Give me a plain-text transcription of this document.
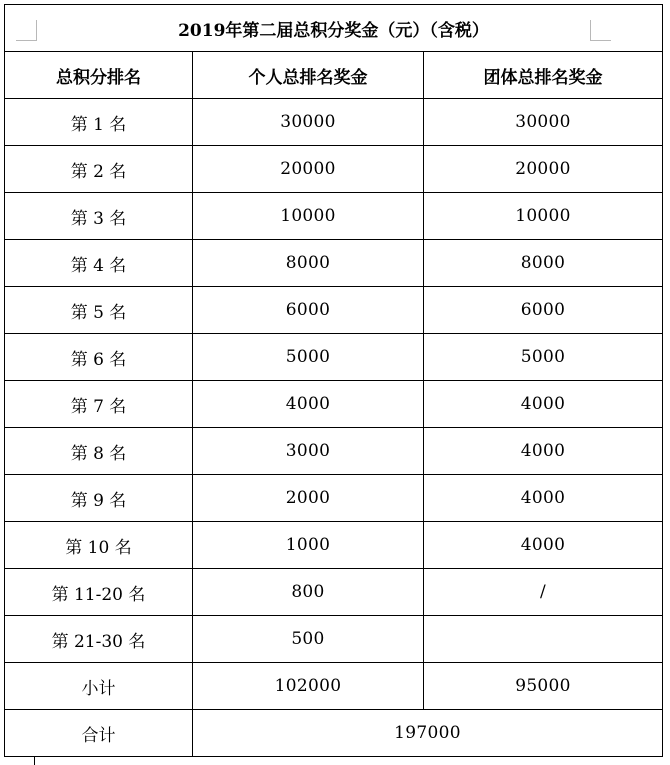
2019年第二届总积分奖金（元）（含税）		
总积分排名	个人总排名奖金	团体总排名奖金
第 1 名	30000	30000
第 2 名	20000	20000
第 3 名	10000	10000
第 4 名	8000	8000
第 5 名	6000	6000
第 6 名	5000	5000
第 7 名	4000	4000
第 8 名	3000	4000
第 9 名	2000	4000
第 10 名	1000	4000
第 11-20 名	800	/
第 21-30 名	500	
小计	102000	95000
合计	197000	
